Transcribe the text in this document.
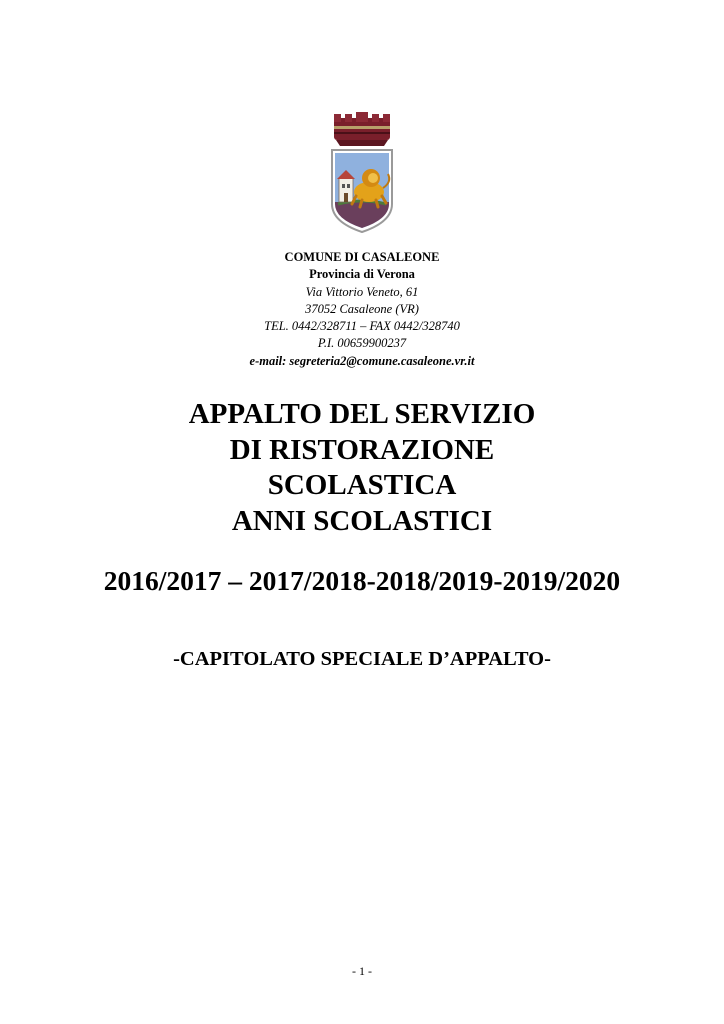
COMUNE DI CASALEONE
Provincia di Verona
Via Vittorio Veneto, 61
37052 Casaleone (VR)
TEL. 0442/328711 – FAX 0442/328740
P.I. 00659900237
e-mail: segreteria2@comune.casaleone.vr.it
APPALTO DEL SERVIZIO
DI RISTORAZIONE
SCOLASTICA
ANNI SCOLASTICI
2016/2017 – 2017/2018-2018/2019-2019/2020
-CAPITOLATO SPECIALE D’APPALTO-
- 1 -
